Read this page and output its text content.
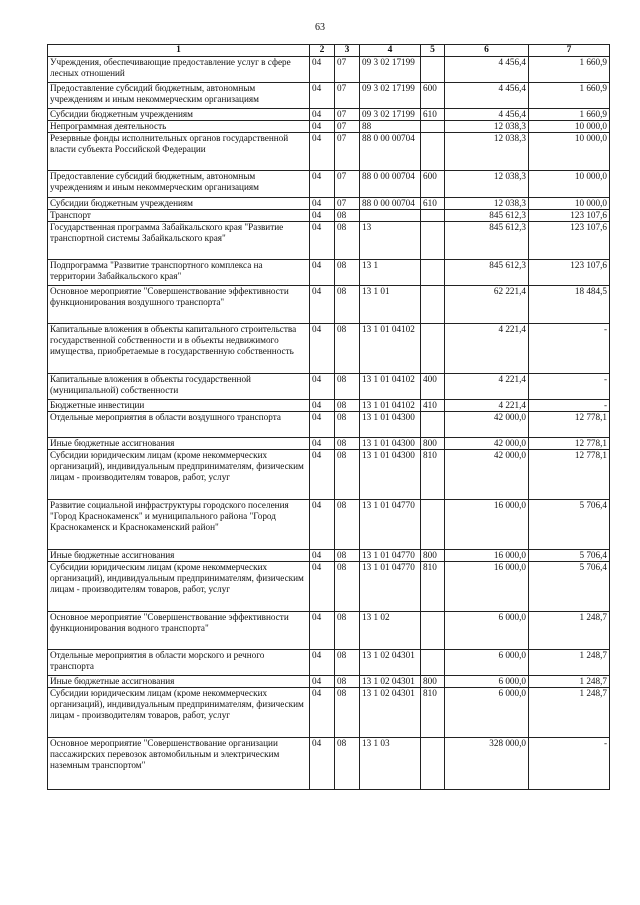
63
1	2	3	4	5	6	7
Учреждения, обеспечивающие предоставление услуг в сфере лесных отношений	04	07	09 3 02 17199		4 456,4	1 660,9
Предоставление субсидий бюджетным, автономным учреждениям и иным некоммерческим организациям	04	07	09 3 02 17199	600	4 456,4	1 660,9
Субсидии бюджетным учреждениям	04	07	09 3 02 17199	610	4 456,4	1 660,9
Непрограммная деятельность	04	07	88		12 038,3	10 000,0
Резервные фонды исполнительных органов государственной власти субъекта Российской Федерации	04	07	88 0 00 00704		12 038,3	10 000,0
Предоставление субсидий бюджетным, автономным учреждениям и иным некоммерческим организациям	04	07	88 0 00 00704	600	12 038,3	10 000,0
Субсидии бюджетным учреждениям	04	07	88 0 00 00704	610	12 038,3	10 000,0
Транспорт	04	08			845 612,3	123 107,6
Государственная программа Забайкальского края "Развитие транспортной системы Забайкальского края"	04	08	13		845 612,3	123 107,6
Подпрограмма "Развитие транспортного комплекса на территории Забайкальского края"	04	08	13 1		845 612,3	123 107,6
Основное мероприятие "Совершенствование эффективности функционирования воздушного транспорта"	04	08	13 1 01		62 221,4	18 484,5
Капитальные вложения в объекты капитального строительства государственной собственности и в объекты недвижимого имущества, приобретаемые в государственную собственность	04	08	13 1 01 04102		4 221,4	-
Капитальные вложения в объекты государственной (муниципальной) собственности	04	08	13 1 01 04102	400	4 221,4	-
Бюджетные инвестиции	04	08	13 1 01 04102	410	4 221,4	-
Отдельные мероприятия в области воздушного транспорта	04	08	13 1 01 04300		42 000,0	12 778,1
Иные бюджетные ассигнования	04	08	13 1 01 04300	800	42 000,0	12 778,1
Субсидии юридическим лицам (кроме некоммерческих организаций), индивидуальным предпринимателям, физическим лицам - производителям товаров, работ, услуг	04	08	13 1 01 04300	810	42 000,0	12 778,1
Развитие социальной инфраструктуры городского поселения "Город Краснокаменск" и муниципального района "Город Краснокаменск и Краснокаменский район"	04	08	13 1 01 04770		16 000,0	5 706,4
Иные бюджетные ассигнования	04	08	13 1 01 04770	800	16 000,0	5 706,4
Субсидии юридическим лицам (кроме некоммерческих организаций), индивидуальным предпринимателям, физическим лицам - производителям товаров, работ, услуг	04	08	13 1 01 04770	810	16 000,0	5 706,4
Основное мероприятие "Совершенствование эффективности функционирования водного транспорта"	04	08	13 1 02		6 000,0	1 248,7
Отдельные мероприятия в области морского и речного транспорта	04	08	13 1 02 04301		6 000,0	1 248,7
Иные бюджетные ассигнования	04	08	13 1 02 04301	800	6 000,0	1 248,7
Субсидии юридическим лицам (кроме некоммерческих организаций), индивидуальным предпринимателям, физическим лицам - производителям товаров, работ, услуг	04	08	13 1 02 04301	810	6 000,0	1 248,7
Основное мероприятие "Совершенствование организации пассажирских перевозок автомобильным и электрическим наземным транспортом"	04	08	13 1 03		328 000,0	-
